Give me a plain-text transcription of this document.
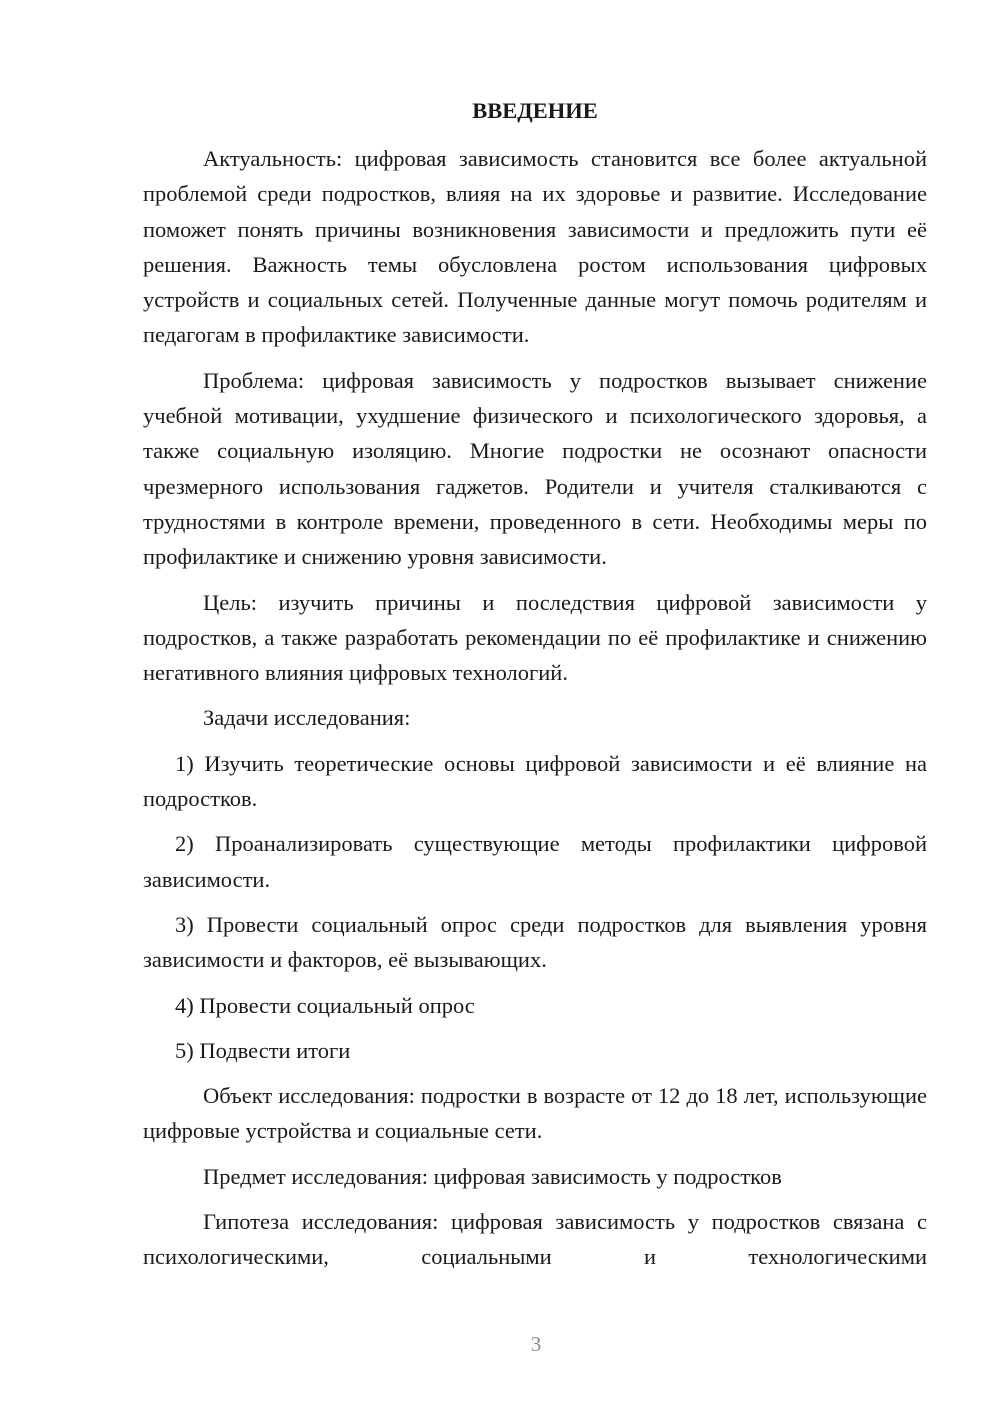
ВВЕДЕНИЕ
Актуальность: цифровая зависимость становится все более актуальной проблемой среди подростков, влияя на их здоровье и развитие. Исследование поможет понять причины возникновения зависимости и предложить пути её решения. Важность темы обусловлена ростом использования цифровых устройств и социальных сетей. Полученные данные могут помочь родителям и педагогам в профилактике зависимости.
Проблема: цифровая зависимость у подростков вызывает снижение учебной мотивации, ухудшение физического и психологического здоровья, а также социальную изоляцию. Многие подростки не осознают опасности чрезмерного использования гаджетов. Родители и учителя сталкиваются с трудностями в контроле времени, проведенного в сети. Необходимы меры по профилактике и снижению уровня зависимости.
Цель: изучить причины и последствия цифровой зависимости у подростков, а также разработать рекомендации по её профилактике и снижению негативного влияния цифровых технологий.
Задачи исследования:
1) Изучить теоретические основы цифровой зависимости и её влияние на подростков.
2) Проанализировать существующие методы профилактики цифровой зависимости.
3) Провести социальный опрос среди подростков для выявления уровня зависимости и факторов, её вызывающих.
4) Провести социальный опрос
5) Подвести итоги
Объект исследования: подростки в возрасте от 12 до 18 лет, использующие цифровые устройства и социальные сети.
Предмет исследования: цифровая зависимость у подростков
Гипотеза исследования: цифровая зависимость у подростков связана с психологическими, социальными и технологическими
3
